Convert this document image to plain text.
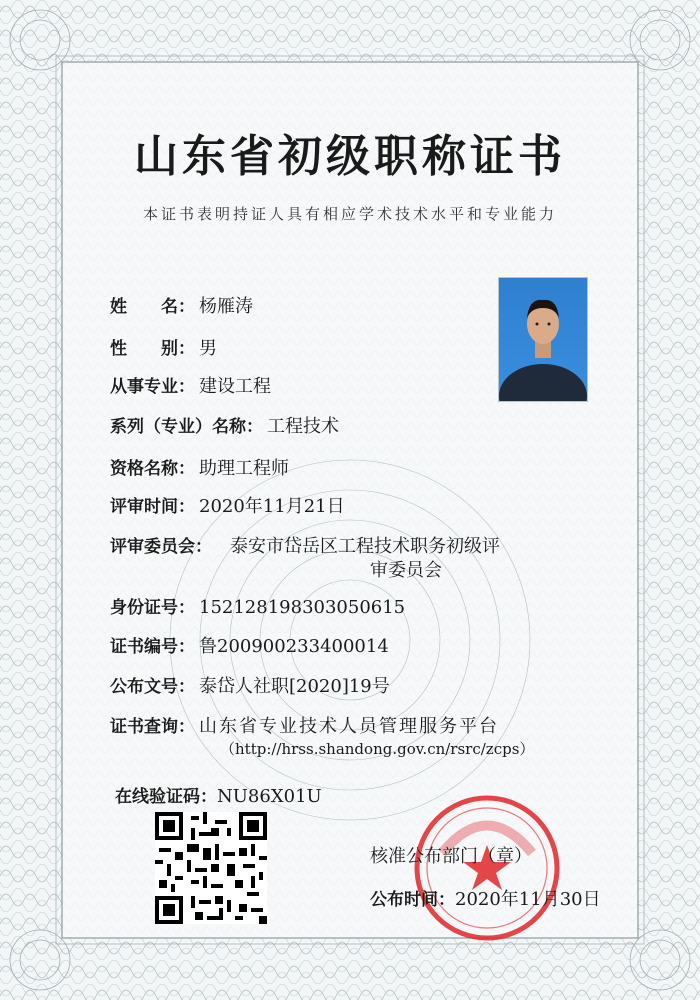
山东省初级职称证书
本证书表明持证人具有相应学术技术水平和专业能力
姓　　名： 杨雁涛
性　　别： 男
从事专业： 建设工程
系列（专业）名称： 工程技术
资格名称： 助理工程师
评审时间： 2020年11月21日
评审委员会： 泰安市岱岳区工程技术职务初级评
审委员会
身份证号： 152128198303050615
证书编号： 鲁200900233400014
公布文号： 泰岱人社职[2020]19号
证书查询： 山东省专业技术人员管理服务平台
（http://hrss.shandong.gov.cn/rsrc/zcps）
在线验证码：NU86X01U
核准公布部门（章）
公布时间：2020年11月30日
